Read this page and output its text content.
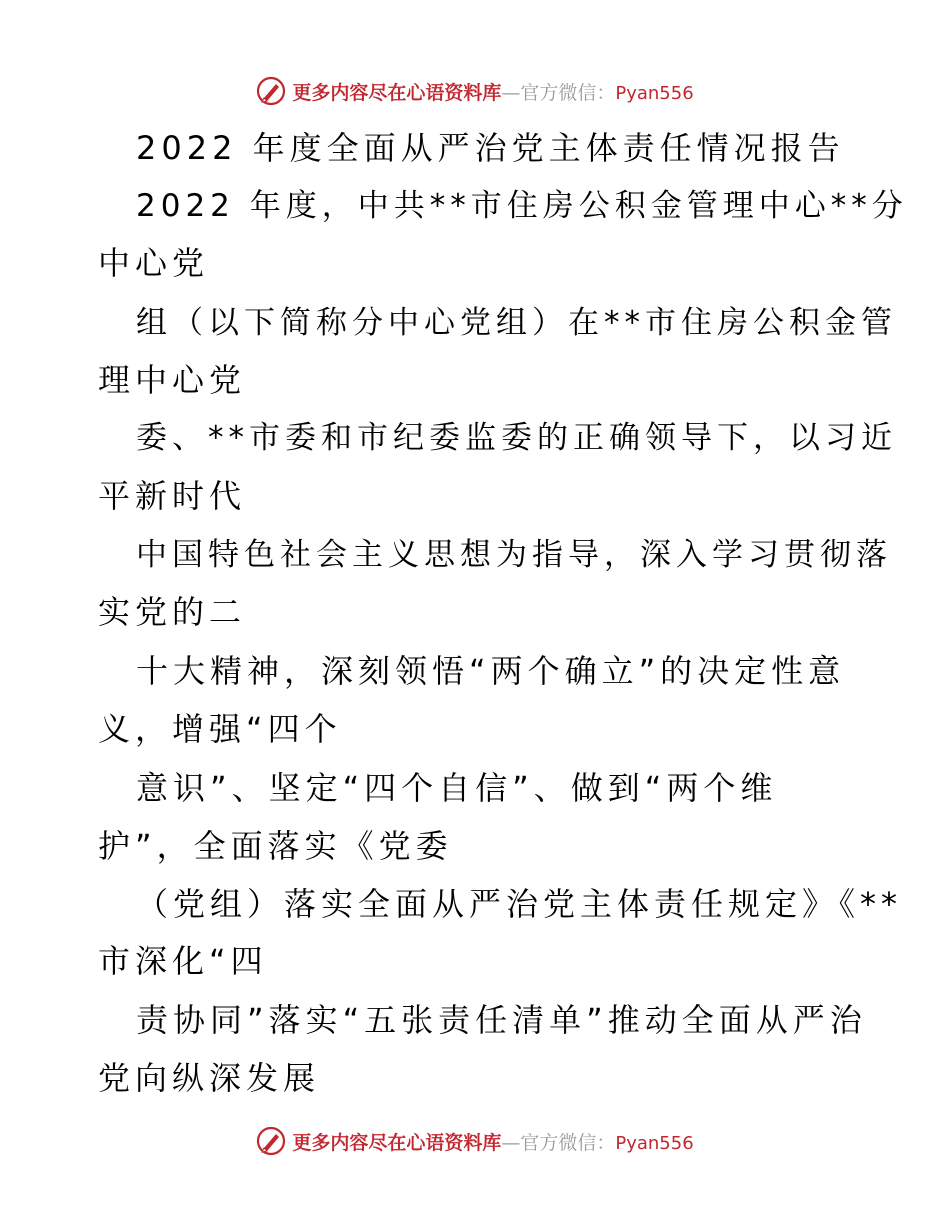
更多内容尽在心语资料库—官方微信：Pyan556
2022 年度全面从严治党主体责任情况报告
2022 年度，中共**市住房公积金管理中心**分
中心党
组（以下简称分中心党组）在**市住房公积金管
理中心党
委、**市委和市纪委监委的正确领导下，以习近
平新时代
中国特色社会主义思想为指导，深入学习贯彻落
实党的二
十大精神，深刻领悟“两个确立”的决定性意
义，增强“四个
意识”、坚定“四个自信”、做到“两个维
护”，全面落实《党委
（党组）落实全面从严治党主体责任规定》《**
市深化“四
责协同”落实“五张责任清单”推动全面从严治
党向纵深发展
更多内容尽在心语资料库—官方微信：Pyan556
